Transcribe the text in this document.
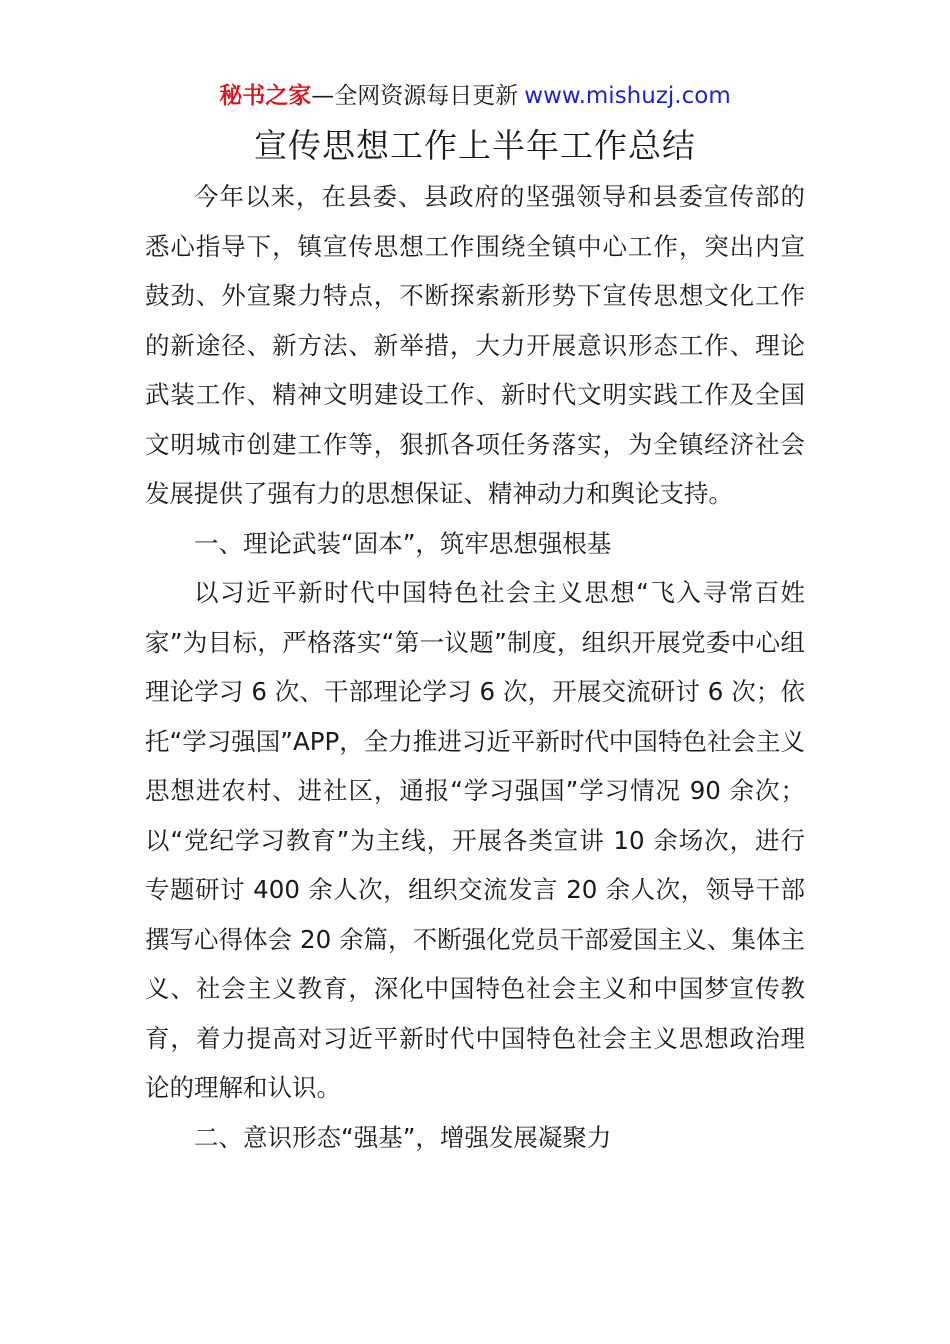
秘书之家—全网资源每日更新 www.mishuzj.com
宣传思想工作上半年工作总结

今年以来，在县委、县政府的坚强领导和县委宣传部的悉心指导下，镇宣传思想工作围绕全镇中心工作，突出内宣鼓劲、外宣聚力特点，不断探索新形势下宣传思想文化工作的新途径、新方法、新举措，大力开展意识形态工作、理论武装工作、精神文明建设工作、新时代文明实践工作及全国文明城市创建工作等，狠抓各项任务落实，为全镇经济社会发展提供了强有力的思想保证、精神动力和舆论支持。

一、理论武装“固本”，筑牢思想强根基

以习近平新时代中国特色社会主义思想“飞入寻常百姓家”为目标，严格落实“第一议题”制度，组织开展党委中心组理论学习 6 次、干部理论学习 6 次，开展交流研讨 6 次；依托“学习强国”APP，全力推进习近平新时代中国特色社会主义思想进农村、进社区，通报“学习强国”学习情况 90 余次；以“党纪学习教育”为主线，开展各类宣讲 10 余场次，进行专题研讨 400 余人次，组织交流发言 20 余人次，领导干部撰写心得体会 20 余篇，不断强化党员干部爱国主义、集体主义、社会主义教育，深化中国特色社会主义和中国梦宣传教育，着力提高对习近平新时代中国特色社会主义思想政治理论的理解和认识。

二、意识形态“强基”，增强发展凝聚力
